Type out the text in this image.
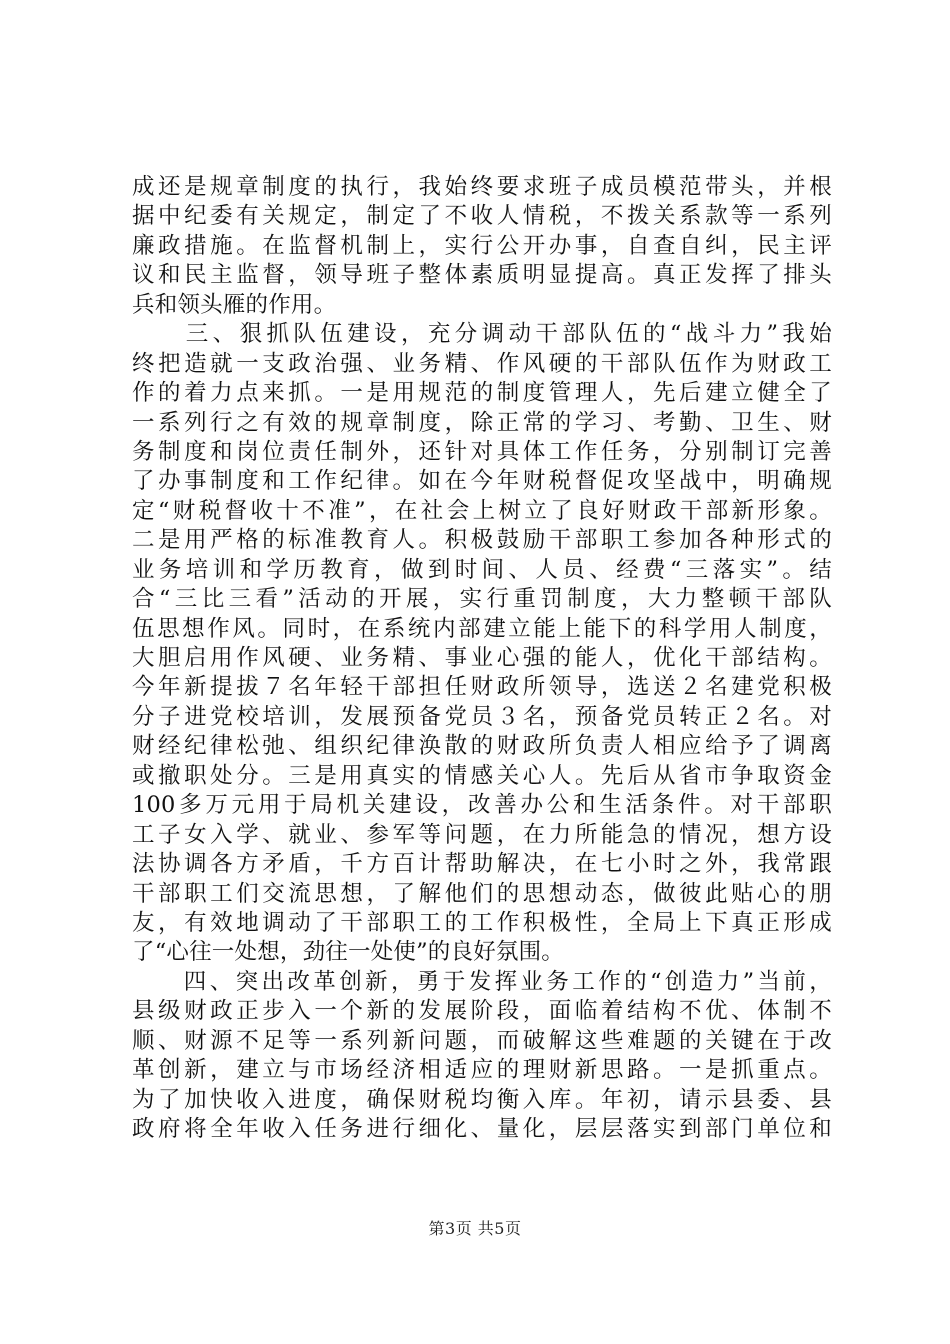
成还是规章制度的执行，我始终要求班子成员模范带头，并根
据中纪委有关规定，制定了不收人情税，不拨关系款等一系列
廉政措施。在监督机制上，实行公开办事，自查自纠，民主评
议和民主监督，领导班子整体素质明显提高。真正发挥了排头
兵和领头雁的作用。
　　三、狠抓队伍建设，充分调动干部队伍的“战斗力”我始
终把造就一支政治强、业务精、作风硬的干部队伍作为财政工
作的着力点来抓。一是用规范的制度管理人，先后建立健全了
一系列行之有效的规章制度，除正常的学习、考勤、卫生、财
务制度和岗位责任制外，还针对具体工作任务，分别制订完善
了办事制度和工作纪律。如在今年财税督促攻坚战中，明确规
定“财税督收十不准”，在社会上树立了良好财政干部新形象。
二是用严格的标准教育人。积极鼓励干部职工参加各种形式的
业务培训和学历教育，做到时间、人员、经费“三落实”。结
合“三比三看”活动的开展，实行重罚制度，大力整顿干部队
伍思想作风。同时，在系统内部建立能上能下的科学用人制度，
大胆启用作风硬、业务精、事业心强的能人，优化干部结构。
今年新提拔７名年轻干部担任财政所领导，选送２名建党积极
分子进党校培训，发展预备党员３名，预备党员转正２名。对
财经纪律松弛、组织纪律涣散的财政所负责人相应给予了调离
或撤职处分。三是用真实的情感关心人。先后从省市争取资金
100多万元用于局机关建设，改善办公和生活条件。对干部职
工子女入学、就业、参军等问题，在力所能急的情况，想方设
法协调各方矛盾，千方百计帮助解决，在七小时之外，我常跟
干部职工们交流思想，了解他们的思想动态，做彼此贴心的朋
友，有效地调动了干部职工的工作积极性，全局上下真正形成
了“心往一处想，劲往一处使”的良好氛围。
　　四、突出改革创新，勇于发挥业务工作的“创造力”当前，
县级财政正步入一个新的发展阶段，面临着结构不优、体制不
顺、财源不足等一系列新问题，而破解这些难题的关键在于改
革创新，建立与市场经济相适应的理财新思路。一是抓重点。
为了加快收入进度，确保财税均衡入库。年初，请示县委、县
政府将全年收入任务进行细化、量化，层层落实到部门单位和
第3页 共5页
